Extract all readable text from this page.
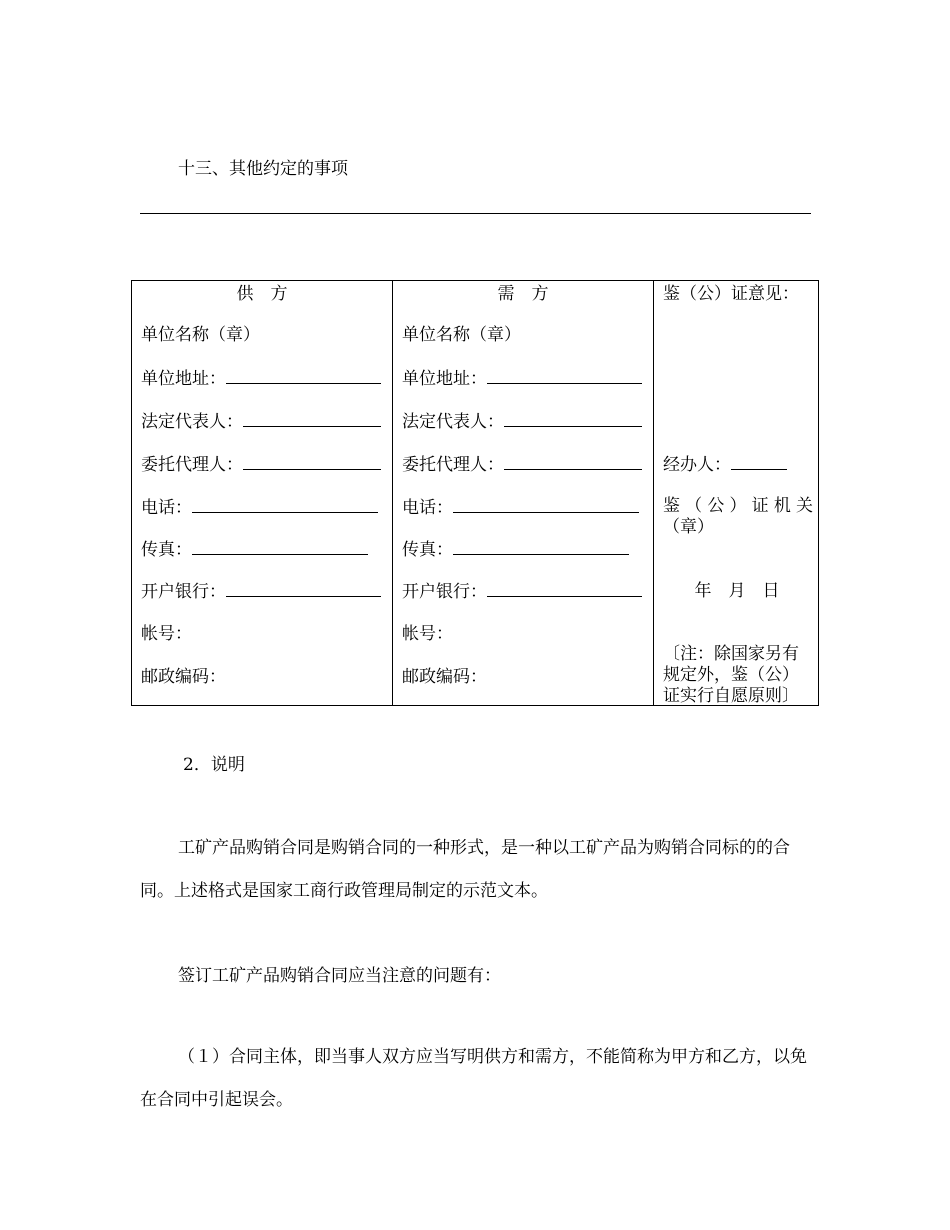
十三、其他约定的事项
供　方
单位名称（章）
单位地址：
法定代表人：
委托代理人：
电话：
传真：
开户银行：
帐号：
邮政编码：
需　方
单位名称（章）
单位地址：
法定代表人：
委托代理人：
电话：
传真：
开户银行：
帐号：
邮政编码：
鉴（公）证意见：
经办人：
鉴（公）证机关（章）
年　月　日
〔注：除国家另有规定外，鉴（公）证实行自愿原则〕
2．说明
工矿产品购销合同是购销合同的一种形式，是一种以工矿产品为购销合同标的的合同。上述格式是国家工商行政管理局制定的示范文本。
签订工矿产品购销合同应当注意的问题有：
（１）合同主体，即当事人双方应当写明供方和需方，不能简称为甲方和乙方，以免在合同中引起误会。
